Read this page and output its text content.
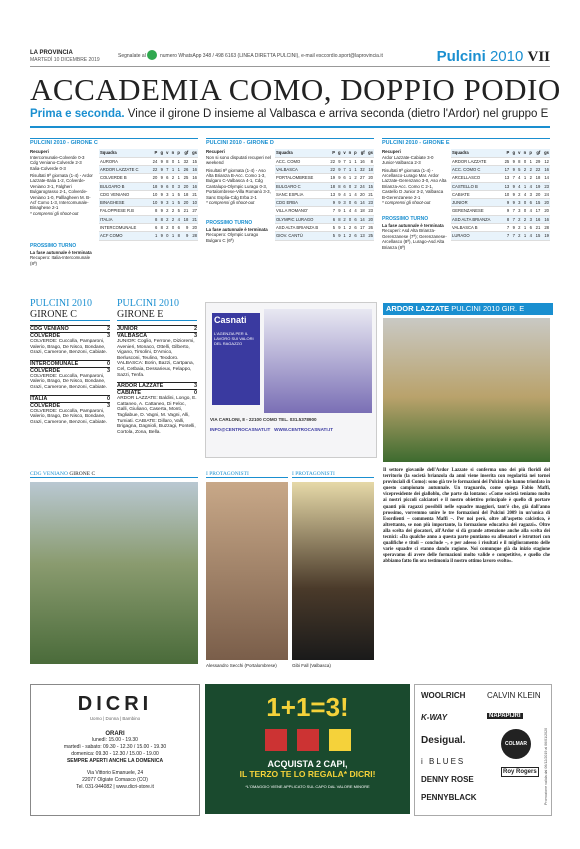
LA PROVINCIA
MARTEDÌ 10 DICEMBRE 2019
Segnalate al	numero WhatsApp 348 / 498 6163 (LINEA DIRETTA PULCINI), e-mail esccordio.sport@laprovincia.it	Pulcini 2010 VII
ACCADEMIA COMO, DOPPIO PODIO
Prima e seconda. Vince il girone D insieme al Valbasca e arriva seconda (dietro l'Ardor) nel gruppo E
PULCINI 2010 - GIRONE C
Recuperi
Intercomunale-Colverde 0-3
Cdg Veniano-Colverde 2-3
Italia-Colverde 0-3
Risultati 9ª giornata (1-4) - Ardor Lazzate-Italia 1-2, Colverde-Veniano 3-1, Falgheri Bulgarograsso 2-1, Colverde-Veniano 1-0, Palllagheen M. B-Acf Como 1-3, Intercomunale-Binaghese 2-1
* comprensi gli shoot-out
PROSSIMO TURNO
La fase autunnale è terminata
Recupero: Italia-Intercomunale (8ª)
Squadra	P	g	v	n	p	gf	gs
AURORA	24	9	8	0	1	32	15
ARDOR LAZZATE C	22	9	7	1	1	26	16
COLVERDE B	20	9	6	2	1	25	16
BULGARO B	18	9	6	0	3	20	16
CDG VENIANO	10	9	3	1	5	18	21
BINAGHESE	10	9	3	1	5	20	10
FALOPPIESE R.B	8	9	2	2	5	21	27
ITALIA	8	8	2	2	4	18	21
INTERCOMUNALE	6	8	2	0	6	9	20
ACF COMO	1	9	0	1	8	9	28
PULCINI 2010 - GIRONE D
Recuperi
Non si sono disputati recuperi nel weekend
Risultati 9ª giornata (1-4) - Aso Alta Brianza B-Acc. Como 1-3, Bulgaro C-Valbasca 4-1, Cdg Cantalupo-Olympic Lurago 0-3, Portalombrese-Villa Romanò 3-3, Sanc Esplia-Cdg Erba 2-1
* comprensi gli shoot-out
PROSSIMO TURNO
La fase autunnale è terminata
Recupero: Olympic Lurago Bulgaro C (6ª)
Squadra	P	g	v	n	p	gf	gs
ACC. COMO	22	9	7	1	1	16	8
VALBASCA	22	9	7	1	1	32	18
PORTALOMBRESE	19	9	6	1	2	27	20
BULGARO C	18	8	6	0	2	24	15
SANC ESPLIA	13	9	4	1	4	20	21
CDG ERBA	9	9	3	0	6	14	23
VILLA ROMANO'	7	9	1	4	4	18	23
OLYMPIC LURAGO	6	8	2	0	6	14	20
ASD ALTA BRIANZA B	5	9	1	2	6	17	26
GIOV. CANTÙ	5	9	1	2	6	13	25
PULCINI 2010 - GIRONE E
Recuperi
Ardor Lazzate-Cabiate 3-0
Junior-Valbasca 2-3
Risultati 9ª giornata (1-4) - Arcellasco-Lurago Mar. Ardor Lazzate-Gerenzano 3-0, Aso Alta Brianza-Acc. Como C 2-1, Castello D Junior 3-2, Valbasca B-Gerenzanese 2-1
* comprensi gli shoot-out
PROSSIMO TURNO
La fase autunnale è terminata
Recuperi: Asd Alta Brianza-Gerenzanese (7ª); Gerenzanese-Arcellasco (8ª), Lurago-Asd Alta Brianza (8ª)
Squadra	P	g	v	n	p	gf	gs
ARDOR LAZZATE	25	9	8	0	1	29	12
ACC. COMO C	17	9	5	2	2	22	16
ARCELLASCO	13	7	4	1	2	18	14
CASTELLO B	13	9	4	1	4	19	23
CABIATE	10	9	2	4	3	20	24
JUNIOR	9	9	3	0	6	15	20
GERENZANESE	9	7	3	0	4	17	20
ASD ALTA BRIANZA	8	7	2	2	3	16	16
VALBASCA B	7	9	2	1	6	21	28
LURAGO	7	7	2	1	4	15	19
PULCINI 2010
GIRONE C
CDG VENIANO	2
COLVERDE	3
COLVERDE: Cuccolla, Pamparoni, Valerio, Brago, De Nisco, Bondane, Grazi, Camerone, Benzoni, Cabiate.
INTERCOMUNALE	0
COLVERDE	3
COLVERDE: Cuccolla, Pamparoni, Valerio, Brago, De Nisco, Bondane, Grazi, Camerone, Benzoni, Cabiate.
ITALIA	0
COLVERDE	3
COLVERDE: Cuccolla, Pamparoni, Valerio, Brago, De Nisco, Bondane, Grazi, Camerone, Benzoni, Cabiate.
PULCINI 2010
GIRONE E
JUNIOR	2
VALBASCA	3
JUNIOR: Coglio, Ferrone, Dizioremi, Avenieri, Monaco, Ottelli, Gilberto, Vigano, Tirsolini, D'Amico, Berlusconi, Teulino, Teodoro. VALBASCA: Borin, Bazzi, Cartpana, Cel, Cetbaia, Dessarieux, Felappo, Sazzi, Tenfa.
ARDOR LAZZATE	3
CABIATE	0
ARDOR LAZZATE: Baldini, Longo, E. Cattaneo, A. Cattaneo, Di Feloc, Galli, Giuliano, Caserta, Monti, Tagliabue, D. Vagni, M. Vagni, Alli, Tumiati. CABIATE: Dillaro, Valli, Brigagna, Dagnioli, Buzzagi, Pontelli, Cortola, Zona, Bella.
Casnati
L'AGENZIA PER IL LAVORO SUI VALORI DEL RAGAZZO
VIA CARLONI, 8 - 22100 COMO TEL. 031.5378900
INFO@CENTROCASNATI.IT WWW.CENTROCASNATI.IT
ARDOR LAZZATE PULCINI 2010 GIR. E
Il settore giovanile dell'Ardor Lazzate si conferma uno dei più floridi del territorio (la società brianzola da anni viene inserita con regolarità nei tornei provinciali di Como): sono già tre le formazioni dei Pulcini che hanno trionfato in questo campionato autunnale. Un traguardo, come spiega Fabio Maffi, vicepresidente dei gialloblu, che parte da lontano: «Come società teniamo molto ai nostri piccoli calciatori e il nostro obiettivo principale è quello di portare quanti più ragazzi possibili nelle squadre maggiori, tant'è che, già dall'anno prossimo, vorremmo unire le tre formazioni del Pulcini 2009 in un'unica di Esordienti – commenta Maffi –. Per noi però, oltre all'aspetto calcistico, è altrettanto, se non più importante, la formazione educativa dei ragazzi». Oltre alla scelta dei giocatori, all'Ardor si dà grande attenzione anche alla scelta dei tecnici: «Da qualche anno a questa parte puntiamo su allenatori e istruttori con qualifiche e titoli – conclude –, e per adesso i risultati e il miglioramento delle varie squadre ci stanno dando ragione. Noi comunque già da inizio stagione speravamo di avere delle formazioni molto valide e competitive, e quello che abbiamo fatto fin ora testimonia il nostro ottimo lavoro svolto».
CDG VENIANO GIRONE C	I PROTAGONISTI
Alessandro Secchi (Portalombrese)
I PROTAGONISTI
Gibi Fall (Valbasca)
DICRI
Uomo | Donna | Bambino
ORARI
lunedì: 15.00 - 19.30
martedì - sabato: 09.30 - 12.30 / 15.00 - 19.30
domenica: 09.30 - 12.30 / 15.00 - 19.00
SEMPRE APERTI ANCHE LA DOMENICA
Via Vittorio Emanuele, 24
22077 Olgiate Comasco (CO)
Tel. 031-944082 | www.dicri-store.it
1+1=3!
ACQUISTA 2 CAPI,
IL TERZO TE LO REGALA* DICRI!
*L'OMAGGIO VIENE APPLICATO SUL CAPO DAL VALORE MINORE
WOOLRICH	CALVIN KLEIN
K-WAY	NAPAPIJRI
Desigual.	COLMAR
i BLUES
DENNY ROSE
Roy Rogers
PENNYBLACK	Promozione valida dal 06/12/2019 al 06/01/2020
